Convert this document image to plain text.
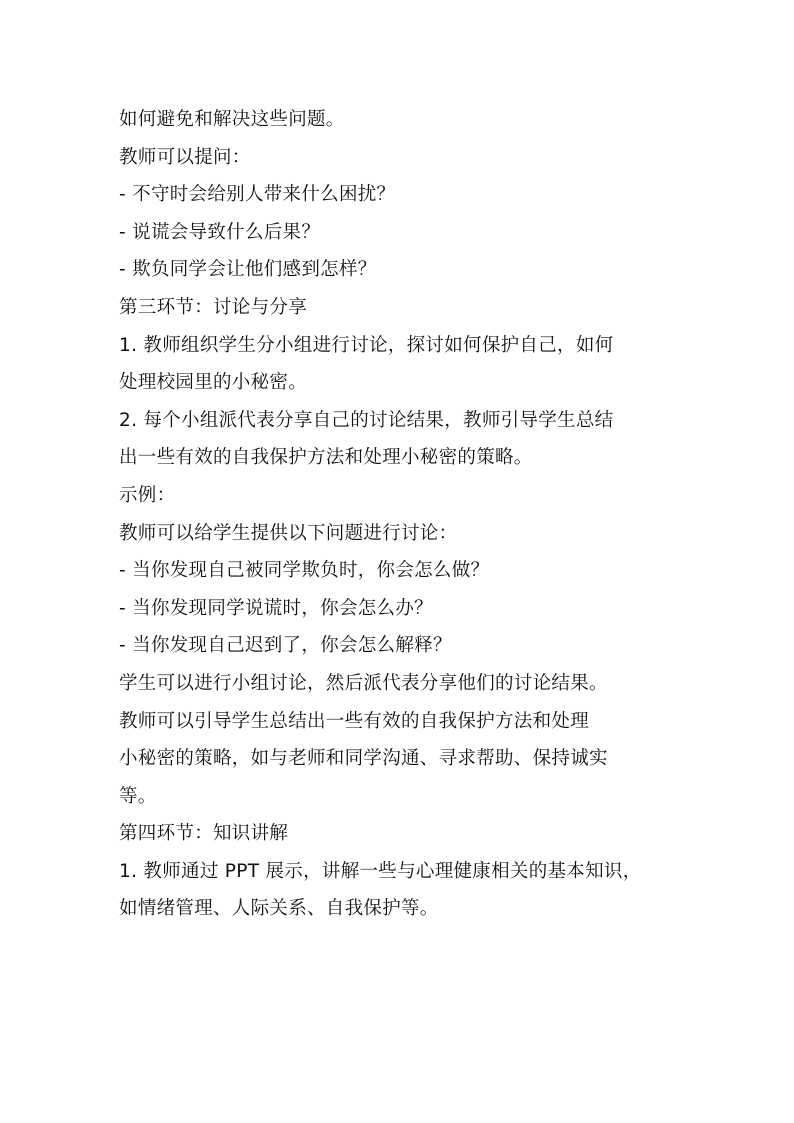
如何避免和解决这些问题。
教师可以提问：
- 不守时会给别人带来什么困扰？
- 说谎会导致什么后果？
- 欺负同学会让他们感到怎样？
第三环节：讨论与分享
1. 教师组织学生分小组进行讨论，探讨如何保护自己，如何
处理校园里的小秘密。
2. 每个小组派代表分享自己的讨论结果，教师引导学生总结
出一些有效的自我保护方法和处理小秘密的策略。
示例：
教师可以给学生提供以下问题进行讨论：
- 当你发现自己被同学欺负时，你会怎么做？
- 当你发现同学说谎时，你会怎么办？
- 当你发现自己迟到了，你会怎么解释？
学生可以进行小组讨论，然后派代表分享他们的讨论结果。
教师可以引导学生总结出一些有效的自我保护方法和处理
小秘密的策略，如与老师和同学沟通、寻求帮助、保持诚实
等。
第四环节：知识讲解
1. 教师通过 PPT 展示，讲解一些与心理健康相关的基本知识，
如情绪管理、人际关系、自我保护等。
